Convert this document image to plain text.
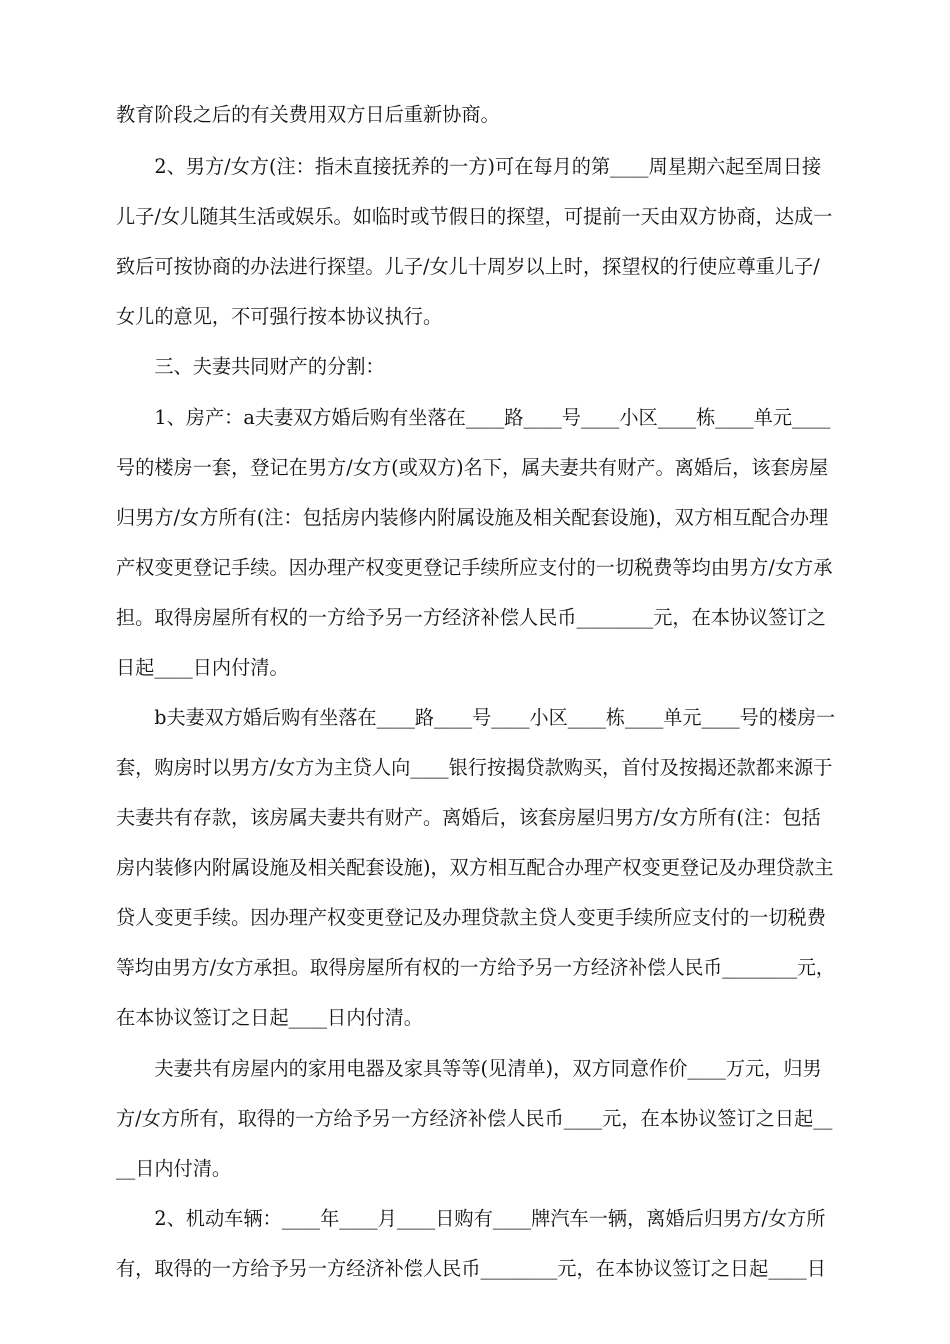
教育阶段之后的有关费用双方日后重新协商。
　　2、男方/女方(注：指未直接抚养的一方)可在每月的第____周星期六起至周日接
儿子/女儿随其生活或娱乐。如临时或节假日的探望，可提前一天由双方协商，达成一
致后可按协商的办法进行探望。儿子/女儿十周岁以上时，探望权的行使应尊重儿子/
女儿的意见，不可强行按本协议执行。
　　三、夫妻共同财产的分割：
　　1、房产：a夫妻双方婚后购有坐落在____路____号____小区____栋____单元____
号的楼房一套，登记在男方/女方(或双方)名下，属夫妻共有财产。离婚后，该套房屋
归男方/女方所有(注：包括房内装修内附属设施及相关配套设施)，双方相互配合办理
产权变更登记手续。因办理产权变更登记手续所应支付的一切税费等均由男方/女方承
担。取得房屋所有权的一方给予另一方经济补偿人民币________元，在本协议签订之
日起____日内付清。
　　b夫妻双方婚后购有坐落在____路____号____小区____栋____单元____号的楼房一
套，购房时以男方/女方为主贷人向____银行按揭贷款购买，首付及按揭还款都来源于
夫妻共有存款，该房属夫妻共有财产。离婚后，该套房屋归男方/女方所有(注：包括
房内装修内附属设施及相关配套设施)，双方相互配合办理产权变更登记及办理贷款主
贷人变更手续。因办理产权变更登记及办理贷款主贷人变更手续所应支付的一切税费
等均由男方/女方承担。取得房屋所有权的一方给予另一方经济补偿人民币________元，
在本协议签订之日起____日内付清。
　　夫妻共有房屋内的家用电器及家具等等(见清单)，双方同意作价____万元，归男
方/女方所有，取得的一方给予另一方经济补偿人民币____元，在本协议签订之日起__
__日内付清。
　　2、机动车辆：____年____月____日购有____牌汽车一辆，离婚后归男方/女方所
有，取得的一方给予另一方经济补偿人民币________元，在本协议签订之日起____日
